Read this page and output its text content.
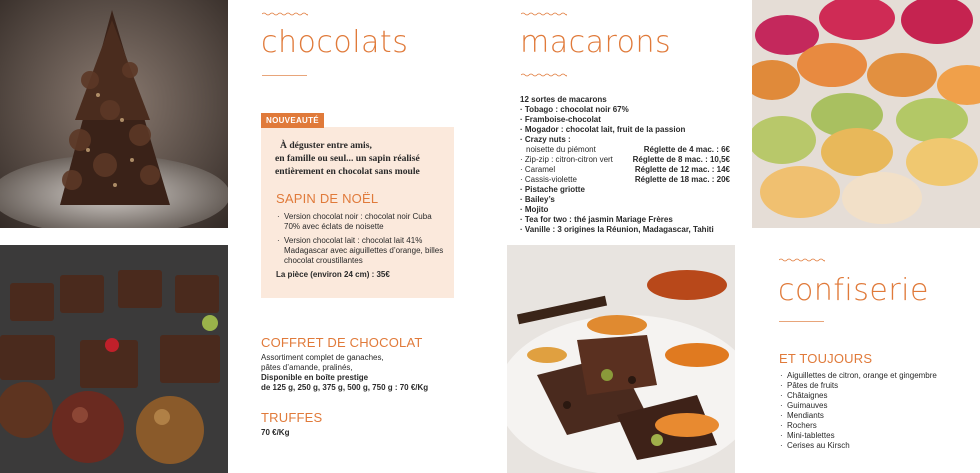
chocolats
NOUVEAUTÉ
À déguster entre amis,
en famille ou seul... un sapin réalisé
entièrement en chocolat sans moule
SAPIN DE NOËL
· Version chocolat noir : chocolat noir Cuba 70% avec éclats de noisette
· Version chocolat lait : chocolat lait 41% Madagascar avec aiguillettes d’orange, billes chocolat croustillantes
La pièce (environ 24 cm) : 35€
COFFRET DE CHOCOLAT
Assortiment complet de ganaches,
pâtes d’amande, pralinés,
Disponible en boîte prestige
de 125 g, 250 g, 375 g, 500 g, 750 g : 70 €/Kg
TRUFFES
70 €/Kg
macarons
12 sortes de macarons
· Tobago : chocolat noir 67%
· Framboise-chocolat
· Mogador : chocolat lait, fruit de la passion
· Crazy nuts :
noisette du piémont	Réglette de 4 mac. : 6€
· Zip-zip : citron-citron vert Réglette de 8 mac. : 10,5€
· Caramel	Réglette de 12 mac. : 14€
· Cassis-violette	Réglette de 18 mac. : 20€
· Pistache griotte
· Bailey’s
· Mojito
· Tea for two : thé jasmin Mariage Frères
· Vanille : 3 origines la Réunion, Madagascar, Tahiti
confiserie
ET TOUJOURS
· Aiguillettes de citron, orange et gingembre
· Pâtes de fruits
· Châtaignes
· Guimauves
· Mendiants
· Rochers
· Mini-tablettes
· Cerises au Kirsch
